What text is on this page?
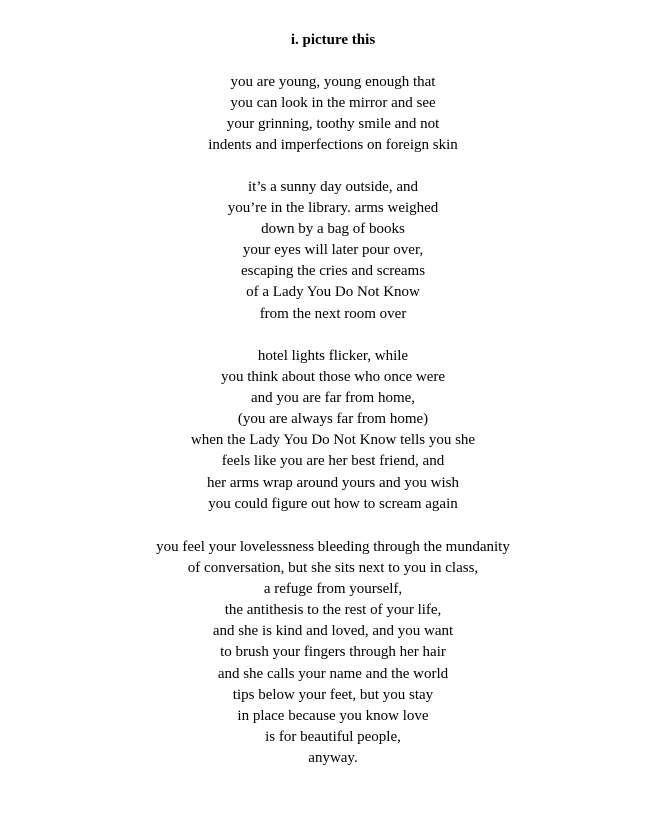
i. picture this
you are young, young enough that
you can look in the mirror and see
your grinning, toothy smile and not
indents and imperfections on foreign skin
it’s a sunny day outside, and
you’re in the library. arms weighed
down by a bag of books
your eyes will later pour over,
escaping the cries and screams
of a Lady You Do Not Know
from the next room over
hotel lights flicker, while
you think about those who once were
and you are far from home,
(you are always far from home)
when the Lady You Do Not Know tells you she
feels like you are her best friend, and
her arms wrap around yours and you wish
you could figure out how to scream again
you feel your lovelessness bleeding through the mundanity
of conversation, but she sits next to you in class,
a refuge from yourself,
the antithesis to the rest of your life,
and she is kind and loved, and you want
to brush your fingers through her hair
and she calls your name and the world
tips below your feet, but you stay
in place because you know love
is for beautiful people,
anyway.
